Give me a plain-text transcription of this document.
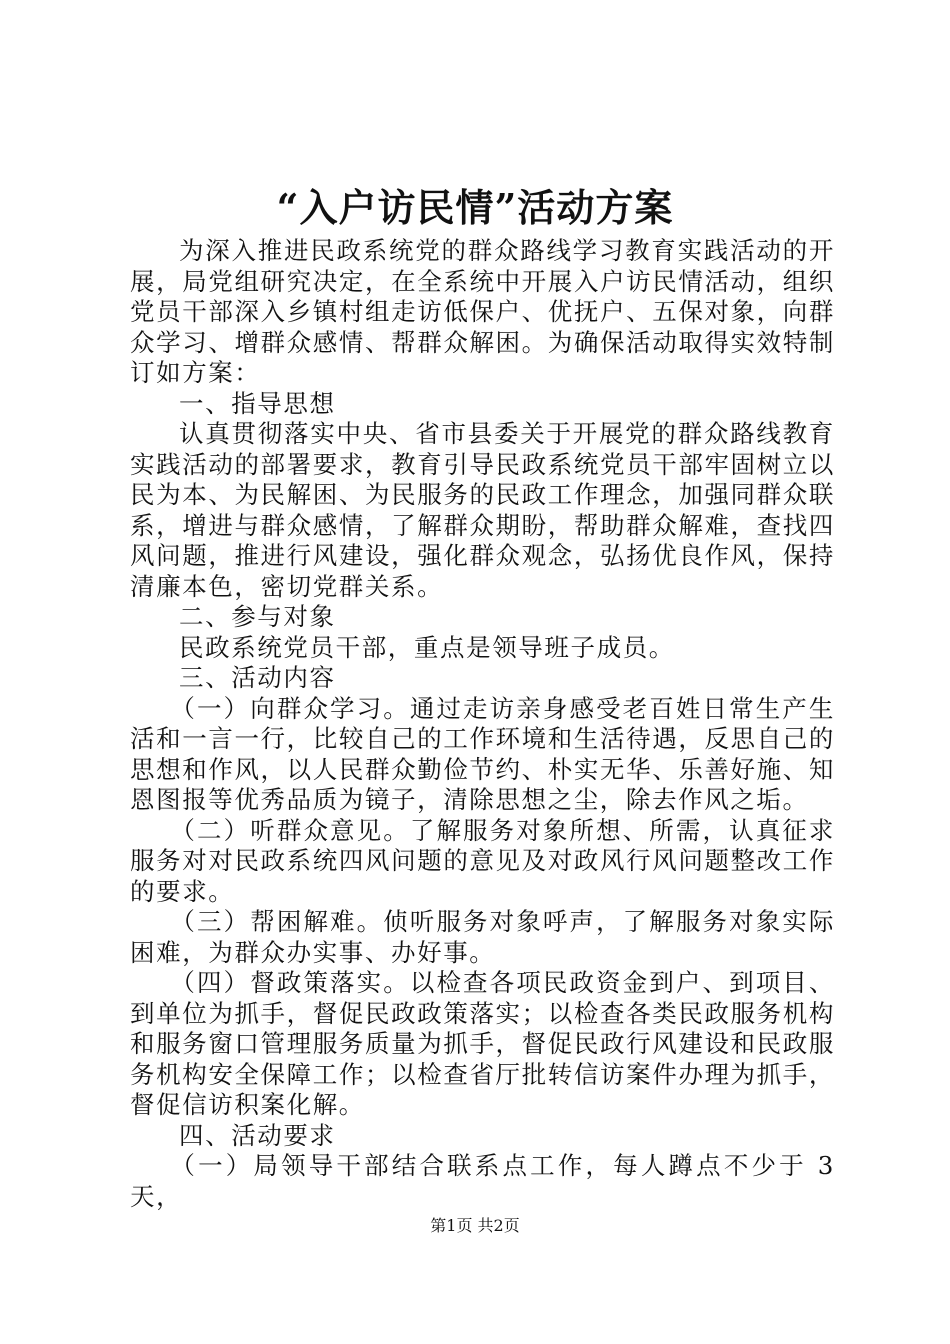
“入户访民情”活动方案

为深入推进民政系统党的群众路线学习教育实践活动的开展，局党组研究决定，在全系统中开展入户访民情活动，组织党员干部深入乡镇村组走访低保户、优抚户、五保对象，向群众学习、增群众感情、帮群众解困。为确保活动取得实效特制订如方案：

一、指导思想

认真贯彻落实中央、省市县委关于开展党的群众路线教育实践活动的部署要求，教育引导民政系统党员干部牢固树立以民为本、为民解困、为民服务的民政工作理念，加强同群众联系，增进与群众感情，了解群众期盼，帮助群众解难，查找四风问题，推进行风建设，强化群众观念，弘扬优良作风，保持清廉本色，密切党群关系。

二、参与对象

民政系统党员干部，重点是领导班子成员。

三、活动内容

（一）向群众学习。通过走访亲身感受老百姓日常生产生活和一言一行，比较自己的工作环境和生活待遇，反思自己的思想和作风，以人民群众勤俭节约、朴实无华、乐善好施、知恩图报等优秀品质为镜子，清除思想之尘，除去作风之垢。

（二）听群众意见。了解服务对象所想、所需，认真征求服务对对民政系统四风问题的意见及对政风行风问题整改工作的要求。

（三）帮困解难。侦听服务对象呼声，了解服务对象实际困难，为群众办实事、办好事。

（四）督政策落实。以检查各项民政资金到户、到项目、到单位为抓手，督促民政政策落实；以检查各类民政服务机构和服务窗口管理服务质量为抓手，督促民政行风建设和民政服务机构安全保障工作；以检查省厅批转信访案件办理为抓手，督促信访积案化解。

四、活动要求

（一）局领导干部结合联系点工作，每人蹲点不少于 3 天，

第1页 共2页
